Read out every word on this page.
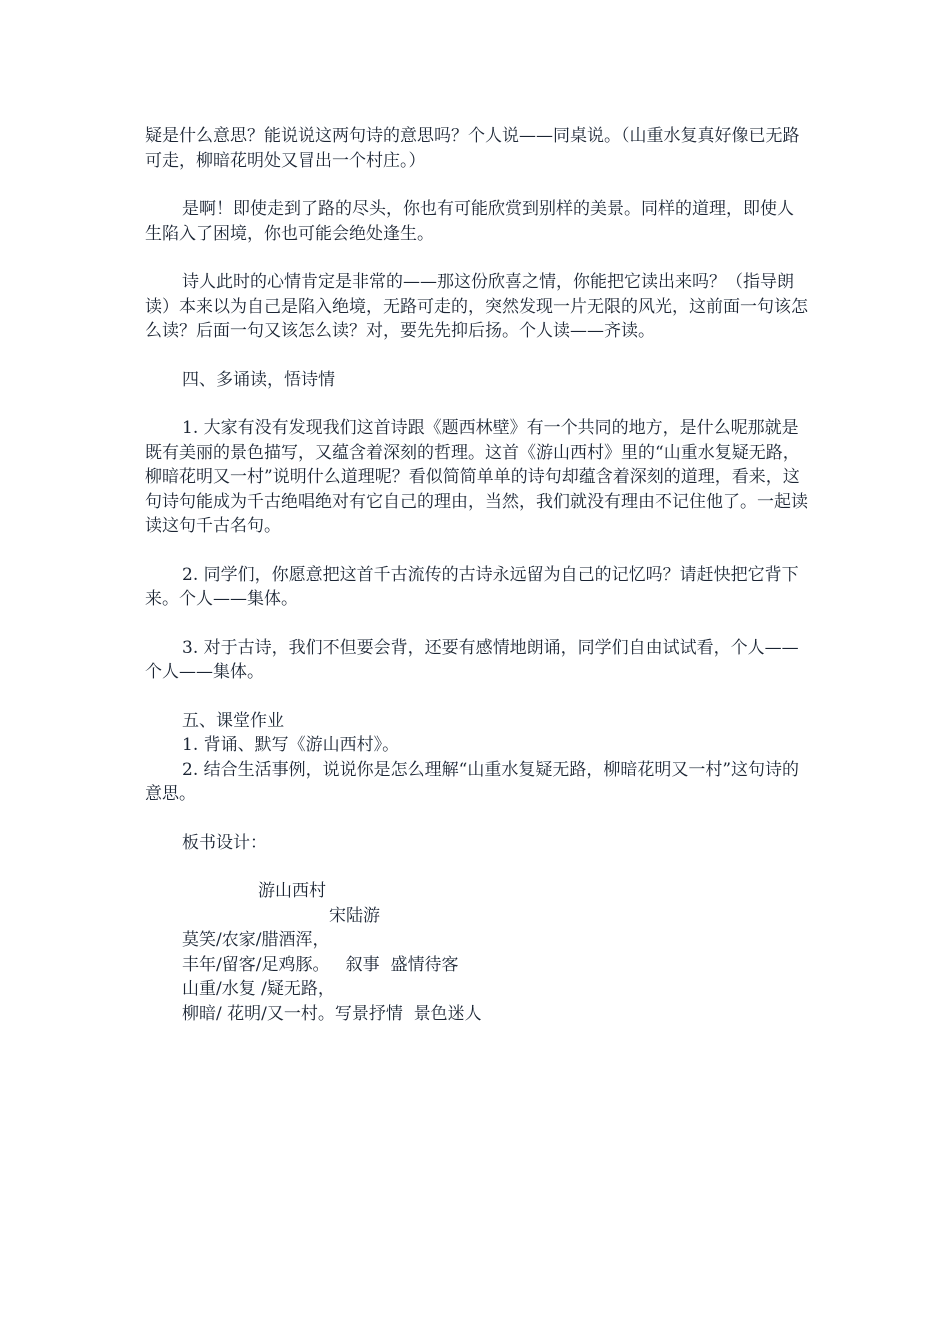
疑是什么意思？能说说这两句诗的意思吗？个人说——同桌说。（山重水复真好像已无路可走，柳暗花明处又冒出一个村庄。）

是啊！即使走到了路的尽头，你也有可能欣赏到别样的美景。同样的道理，即使人生陷入了困境，你也可能会绝处逢生。

诗人此时的心情肯定是非常的——那这份欣喜之情，你能把它读出来吗？（指导朗读）本来以为自己是陷入绝境，无路可走的，突然发现一片无限的风光，这前面一句该怎么读？后面一句又该怎么读？对，要先先抑后扬。个人读——齐读。

四、多诵读，悟诗情

1. 大家有没有发现我们这首诗跟《题西林壁》有一个共同的地方，是什么呢那就是既有美丽的景色描写，又蕴含着深刻的哲理。这首《游山西村》里的“山重水复疑无路，柳暗花明又一村”说明什么道理呢？看似简简单单的诗句却蕴含着深刻的道理，看来，这句诗句能成为千古绝唱绝对有它自己的理由，当然，我们就没有理由不记住他了。一起读读这句千古名句。

2. 同学们，你愿意把这首千古流传的古诗永远留为自己的记忆吗？请赶快把它背下来。个人——集体。

3. 对于古诗，我们不但要会背，还要有感情地朗诵，同学们自由试试看，个人——个人——集体。

五、课堂作业

1. 背诵、默写《游山西村》。

2. 结合生活事例，说说你是怎么理解“山重水复疑无路，柳暗花明又一村”这句诗的意思。

板书设计：

游山西村

宋陆游

莫笑/农家/腊酒浑，

丰年/留客/足鸡豚。   叙事  盛情待客

山重/水复 /疑无路，

柳暗/ 花明/又一村。写景抒情  景色迷人
